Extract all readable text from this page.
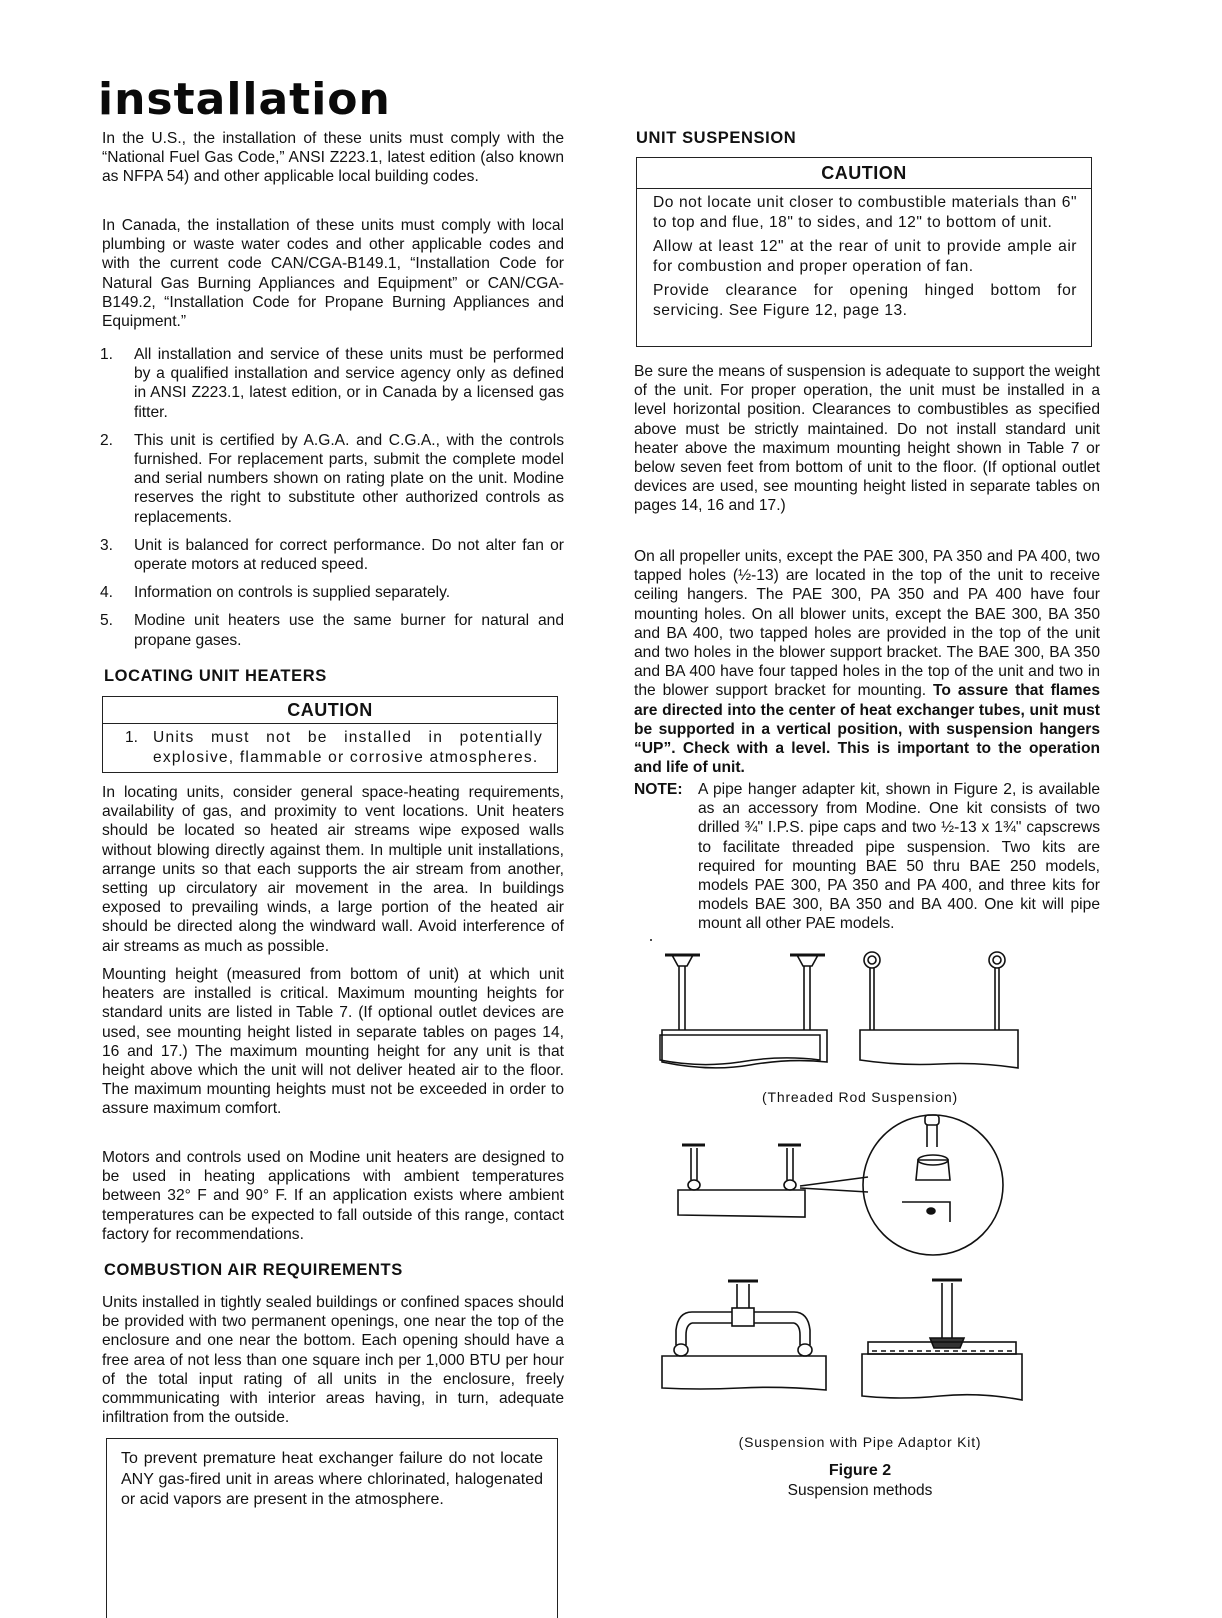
installation

In the U.S., the installation of these units must comply with the “National Fuel Gas Code,” ANSI Z223.1, latest edition (also known as NFPA 54) and other applicable local building codes.

In Canada, the installation of these units must comply with local plumbing or waste water codes and other applicable codes and with the current code CAN/CGA-B149.1, “Installation Code for Natural Gas Burning Appliances and Equipment” or CAN/CGA-B149.2, “Installation Code for Propane Burning Appliances and Equipment.”

1. All installation and service of these units must be performed by a qualified installation and service agency only as defined in ANSI Z223.1, latest edition, or in Canada by a licensed gas fitter.
2. This unit is certified by A.G.A. and C.G.A., with the controls furnished. For replacement parts, submit the complete model and serial numbers shown on rating plate on the unit. Modine reserves the right to substitute other authorized controls as replacements.
3. Unit is balanced for correct performance. Do not alter fan or operate motors at reduced speed.
4. Information on controls is supplied separately.
5. Modine unit heaters use the same burner for natural and propane gases.
LOCATING UNIT HEATERS
CAUTION
1. Units must not be installed in potentially explosive, flammable or corrosive atmospheres.

In locating units, consider general space-heating requirements, availability of gas, and proximity to vent locations. Unit heaters should be located so heated air streams wipe exposed walls without blowing directly against them. In multiple unit installations, arrange units so that each supports the air stream from another, setting up circulatory air movement in the area. In buildings exposed to prevailing winds, a large portion of the heated air should be directed along the windward wall. Avoid interference of air streams as much as possible.

Mounting height (measured from bottom of unit) at which unit heaters are installed is critical. Maximum mounting heights for standard units are listed in Table 7. (If optional outlet devices are used, see mounting height listed in separate tables on pages 14, 16 and 17.) The maximum mounting height for any unit is that height above which the unit will not deliver heated air to the floor. The maximum mounting heights must not be exceeded in order to assure maximum comfort.

Motors and controls used on Modine unit heaters are designed to be used in heating applications with ambient temperatures between 32° F and 90° F. If an application exists where ambient temperatures can be expected to fall outside of this range, contact factory for recommendations.

COMBUSTION AIR REQUIREMENTS

Units installed in tightly sealed buildings or confined spaces should be provided with two permanent openings, one near the top of the enclosure and one near the bottom. Each opening should have a free area of not less than one square inch per 1,000 BTU per hour of the total input rating of all units in the enclosure, freely commmunicating with interior areas having, in turn, adequate infiltration from the outside.

To prevent premature heat exchanger failure do not locate ANY gas-fired unit in areas where chlorinated, halogenated or acid vapors are present in the atmosphere.

UNIT SUSPENSION
CAUTION

Do not locate unit closer to combustible materials than 6" to top and flue, 18" to sides, and 12" to bottom of unit.

Allow at least 12" at the rear of unit to provide ample air for combustion and proper operation of fan.

Provide clearance for opening hinged bottom for servicing. See Figure 12, page 13.

Be sure the means of suspension is adequate to support the weight of the unit. For proper operation, the unit must be installed in a level horizontal position. Clearances to combustibles as specified above must be strictly maintained. Do not install standard unit heater above the maximum mounting height shown in Table 7 or below seven feet from bottom of unit to the floor. (If optional outlet devices are used, see mounting height listed in separate tables on pages 14, 16 and 17.)

On all propeller units, except the PAE 300, PA 350 and PA 400, two tapped holes (½-13) are located in the top of the unit to receive ceiling hangers. The PAE 300, PA 350 and PA 400 have four mounting holes. On all blower units, except the BAE 300, BA 350 and BA 400, two tapped holes are provided in the top of the unit and two holes in the blower support bracket. The BAE 300, BA 350 and BA 400 have four tapped holes in the top of the unit and two in the blower support bracket for mounting. To assure that flames are directed into the center of heat exchanger tubes, unit must be supported in a vertical position, with suspension hangers “UP”. Check with a level. This is important to the operation and life of unit.

NOTE: A pipe hanger adapter kit, shown in Figure 2, is available as an accessory from Modine. One kit consists of two drilled ¾" I.P.S. pipe caps and two ½-13 x 1¾" capscrews to facilitate threaded pipe suspension. Two kits are required for mounting BAE 50 thru BAE 250 models, models PAE 300, PA 350 and PA 400, and three kits for models BAE 300, BA 350 and BA 400. One kit will pipe mount all other PAE models.
(Threaded Rod Suspension)
(Suspension with Pipe Adaptor Kit)
Figure 2
Suspension methods
